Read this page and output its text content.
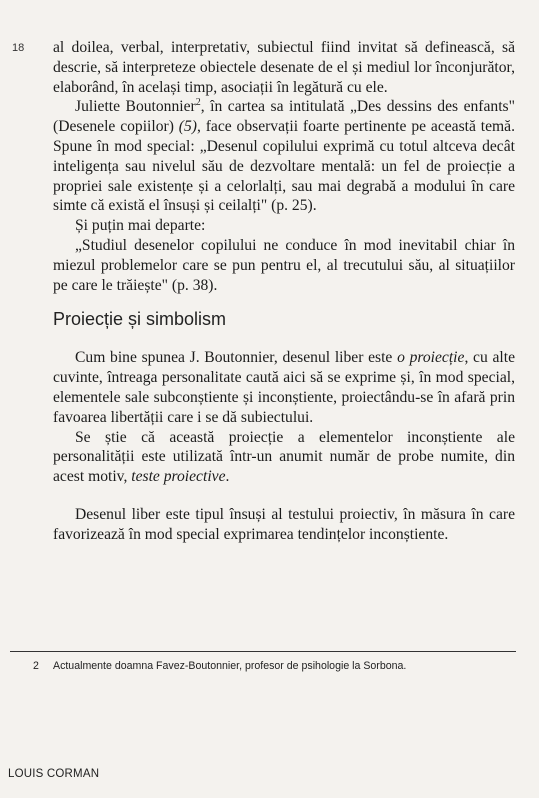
18 al doilea, verbal, interpretativ, subiectul fiind invitat să definească, să descrie, să interpreteze obiectele desenate de el și mediul lor înconjurător, elaborând, în același timp, asociații în legătură cu ele.

Juliette Boutonnier$^2$, în cartea sa intitulată „Des dessins des enfants" (Desenele copiilor) (5), face observații foarte pertinente pe această temă. Spune în mod special: „Desenul copilului exprimă cu totul altceva decât inteligența sau nivelul său de dezvoltare mentală: un fel de proiecție a propriei sale existențe și a celorlalți, sau mai degrabă a modului în care simte că există el însuși și ceilalți" (p. 25).

Și puțin mai departe:

„Studiul desenelor copilului ne conduce în mod inevitabil chiar în miezul problemelor care se pun pentru el, al trecutului său, al situațiilor pe care le trăiește" (p. 38).

Proiecție și simbolism

Cum bine spunea J. Boutonnier, desenul liber este o proiecție, cu alte cuvinte, întreaga personalitate caută aici să se exprime și, în mod special, elementele sale subconștiente și inconștiente, proiectându-se în afară prin favoarea libertății care i se dă subiectului.

Se știe că această proiecție a elementelor inconștiente ale personalității este utilizată într-un anumit număr de probe numite, din acest motiv, teste proiective.

Desenul liber este tipul însuși al testului proiectiv, în măsura în care favorizează în mod special exprimarea tendințelor inconștiente.

2 Actualmente doamna Favez-Boutonnier, profesor de psihologie la Sorbona.
LOUIS CORMAN
